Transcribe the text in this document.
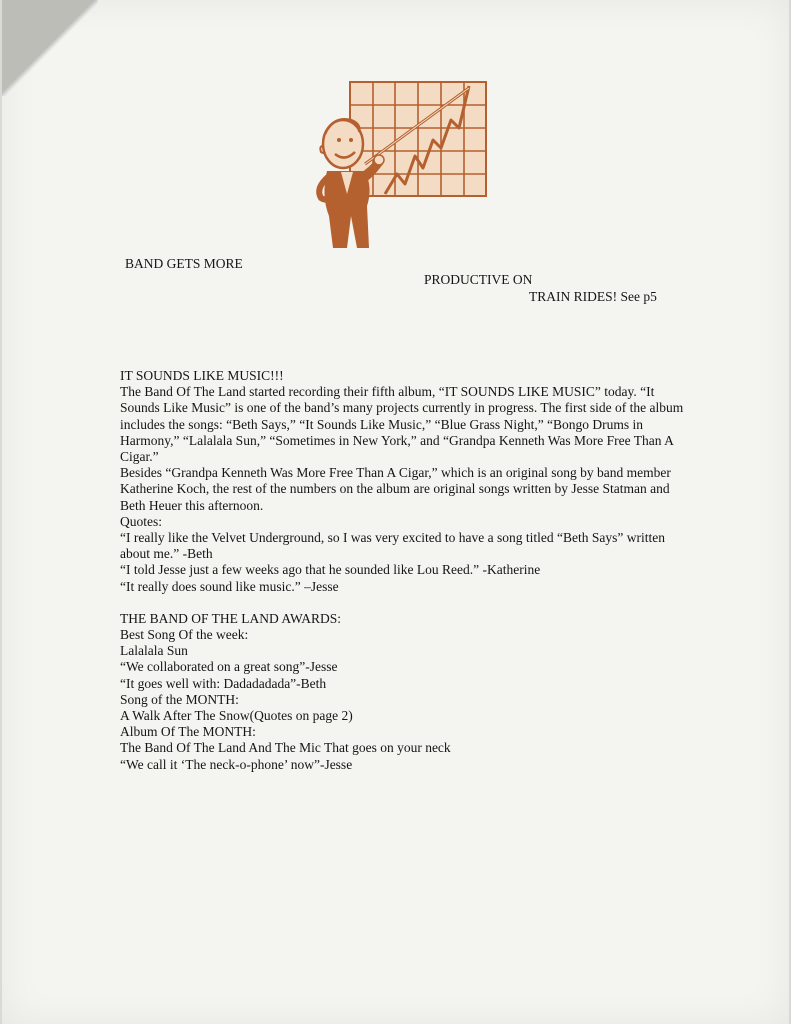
BAND GETS MORE
PRODUCTIVE ON
TRAIN RIDES! See p5

IT SOUNDS LIKE MUSIC!!!

The Band Of The Land started recording their fifth album, “IT SOUNDS LIKE MUSIC” today. “It Sounds Like Music” is one of the band’s many projects currently in progress. The first side of the album includes the songs: “Beth Says,” “It Sounds Like Music,” “Blue Grass Night,” “Bongo Drums in Harmony,” “Lalalala Sun,” “Sometimes in New York,” and “Grandpa Kenneth Was More Free Than A Cigar.”

Besides “Grandpa Kenneth Was More Free Than A Cigar,” which is an original song by band member Katherine Koch, the rest of the numbers on the album are original songs written by Jesse Statman and Beth Heuer this afternoon.

Quotes:

“I really like the Velvet Underground, so I was very excited to have a song titled “Beth Says” written about me.” -Beth

“I told Jesse just a few weeks ago that he sounded like Lou Reed.” -Katherine

“It really does sound like music.” –Jesse

THE BAND OF THE LAND AWARDS:

Best Song Of the week:

Lalalala Sun

“We collaborated on a great song”-Jesse

“It goes well with: Dadadadada”-Beth

Song of the MONTH:

A Walk After The Snow(Quotes on page 2)

Album Of The MONTH:

The Band Of The Land And The Mic That goes on your neck

“We call it ‘The neck-o-phone’ now”-Jesse
